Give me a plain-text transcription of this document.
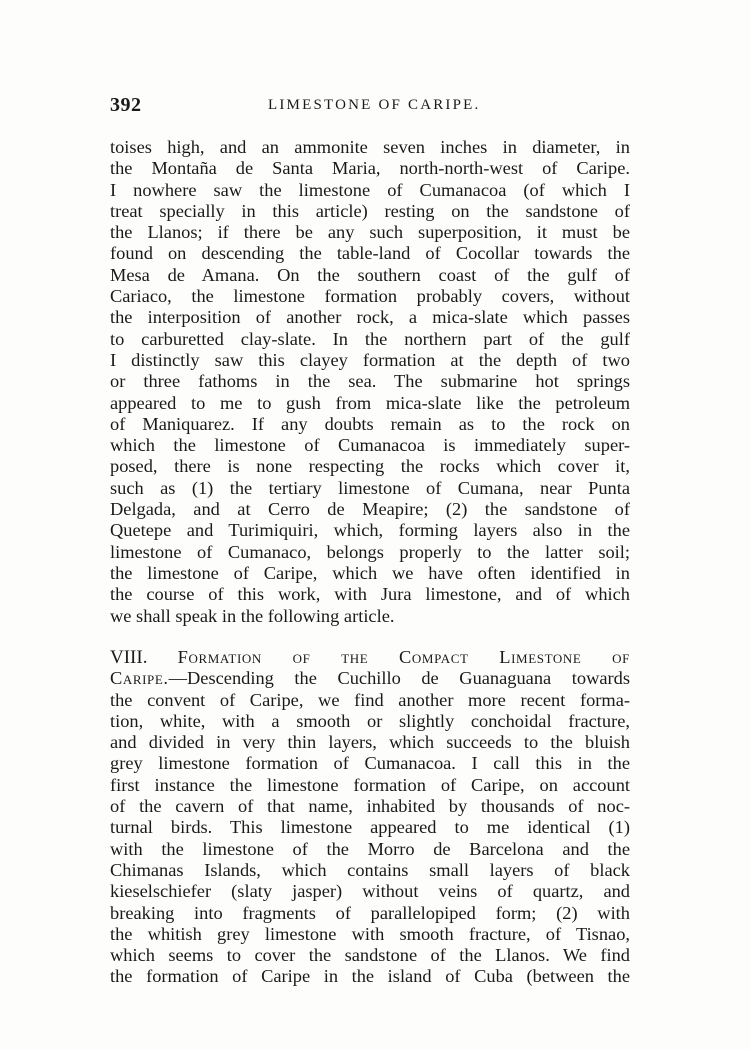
392	LIMESTONE OF CARIPE.
toises high, and an ammonite seven inches in diameter, in
the Montaña de Santa Maria, north-north-west of Caripe.
I nowhere saw the limestone of Cumanacoa (of which I
treat specially in this article) resting on the sandstone of
the Llanos; if there be any such superposition, it must be
found on descending the table-land of Cocollar towards the
Mesa de Amana. On the southern coast of the gulf of
Cariaco, the limestone formation probably covers, without
the interposition of another rock, a mica-slate which passes
to carburetted clay-slate. In the northern part of the gulf
I distinctly saw this clayey formation at the depth of two
or three fathoms in the sea. The submarine hot springs
appeared to me to gush from mica-slate like the petroleum
of Maniquarez. If any doubts remain as to the rock on
which the limestone of Cumanacoa is immediately super-
posed, there is none respecting the rocks which cover it,
such as (1) the tertiary limestone of Cumana, near Punta
Delgada, and at Cerro de Meapire; (2) the sandstone of
Quetepe and Turimiquiri, which, forming layers also in the
limestone of Cumanaco, belongs properly to the latter soil;
the limestone of Caripe, which we have often identified in
the course of this work, with Jura limestone, and of which
we shall speak in the following article.
VIII. Formation of the Compact Limestone of
Caripe.—Descending the Cuchillo de Guanaguana towards
the convent of Caripe, we find another more recent forma-
tion, white, with a smooth or slightly conchoidal fracture,
and divided in very thin layers, which succeeds to the bluish
grey limestone formation of Cumanacoa. I call this in the
first instance the limestone formation of Caripe, on account
of the cavern of that name, inhabited by thousands of noc-
turnal birds. This limestone appeared to me identical (1)
with the limestone of the Morro de Barcelona and the
Chimanas Islands, which contains small layers of black
kieselschiefer (slaty jasper) without veins of quartz, and
breaking into fragments of parallelopiped form; (2) with
the whitish grey limestone with smooth fracture, of Tisnao,
which seems to cover the sandstone of the Llanos. We find
the formation of Caripe in the island of Cuba (between the
